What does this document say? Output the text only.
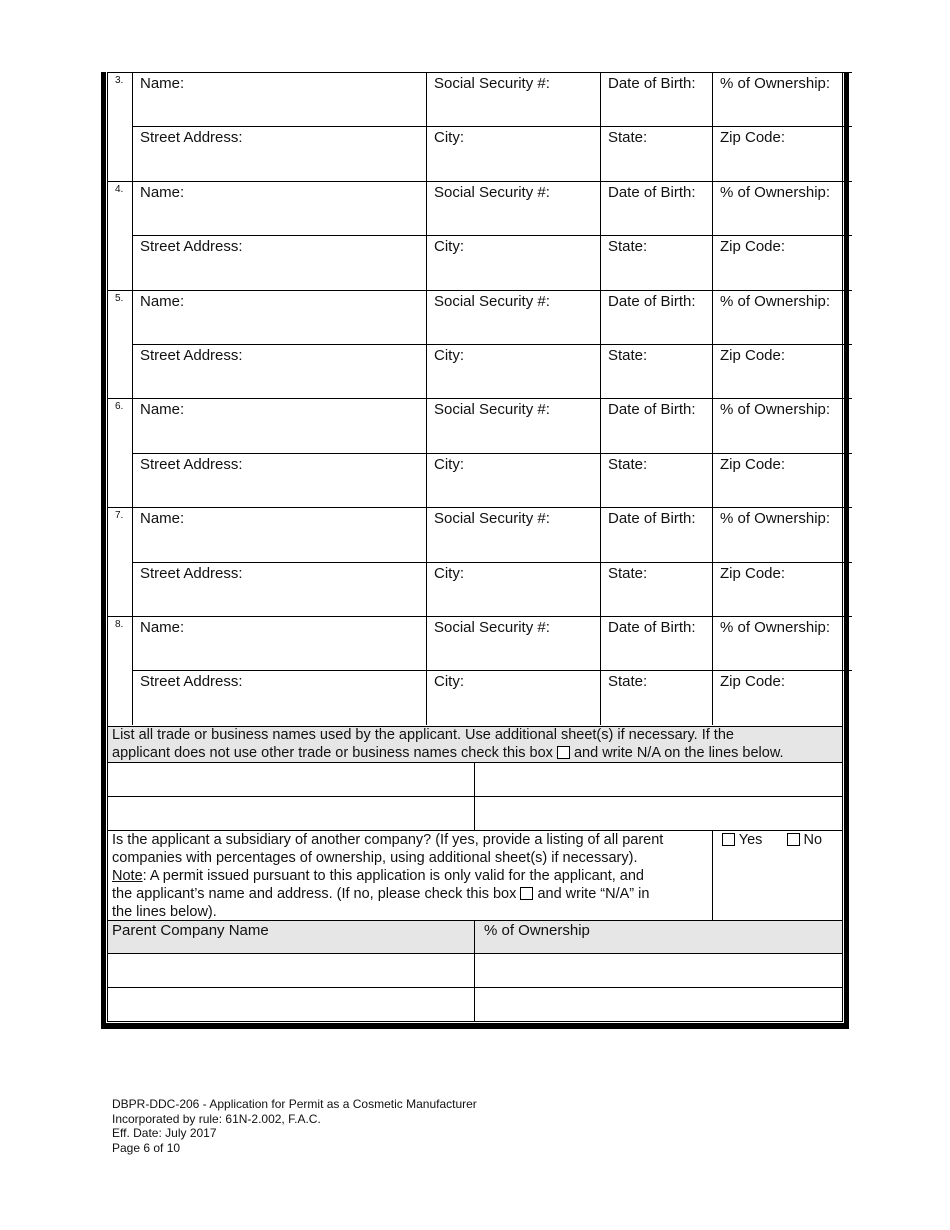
3. Name:	Social Security #:	Date of Birth: % of Ownership:
Street Address:	City:	State:	Zip Code:
4. Name:	Social Security #:	Date of Birth: % of Ownership:
Street Address:	City:	State:	Zip Code:
5. Name:	Social Security #:	Date of Birth: % of Ownership:
Street Address:	City:	State:	Zip Code:
6. Name:	Social Security #:	Date of Birth: % of Ownership:
Street Address:	City:	State:	Zip Code:
7. Name:	Social Security #:	Date of Birth: % of Ownership:
Street Address:	City:	State:	Zip Code:
8. Name:	Social Security #:	Date of Birth: % of Ownership:
Street Address:	City:	State:	Zip Code:
List all trade or business names used by the applicant. Use additional sheet(s) if necessary. If the
applicant does not use other trade or business names check this box and write N/A on the lines below.
Is the applicant a subsidiary of another company? (If yes, provide a listing of all parent
companies with percentages of ownership, using additional sheet(s) if necessary).
Note: A permit issued pursuant to this application is only valid for the applicant, and
the applicant’s name and address. (If no, please check this box and write “N/A” in
the lines below).
Yes	No
Parent Company Name	% of Ownership
DBPR-DDC-206 - Application for Permit as a Cosmetic Manufacturer
Incorporated by rule: 61N-2.002, F.A.C.
Eff. Date: July 2017
Page 6 of 10
